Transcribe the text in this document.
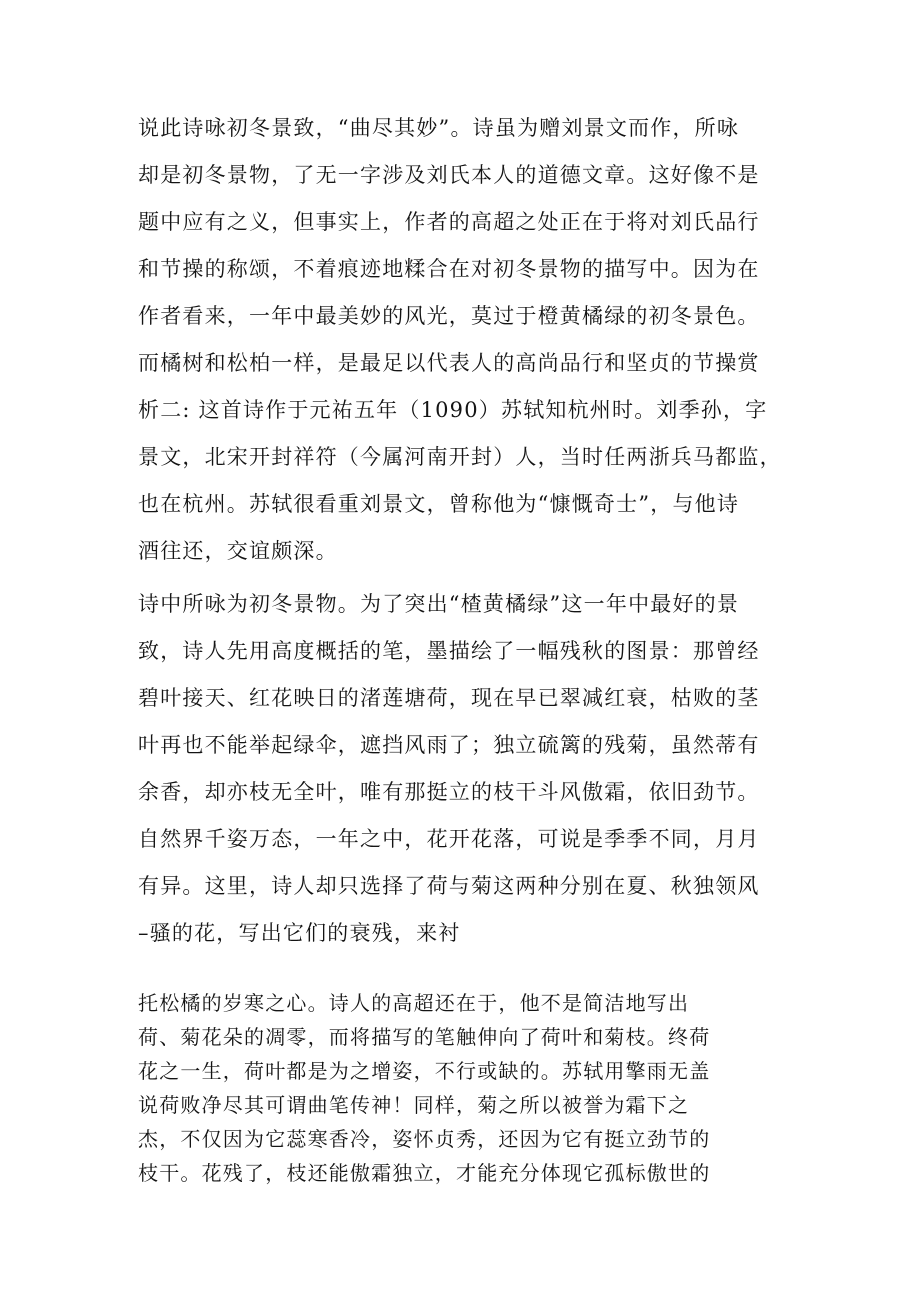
说此诗咏初冬景致，“曲尽其妙”。诗虽为赠刘景文而作，所咏
却是初冬景物，了无一字涉及刘氏本人的道德文章。这好像不是
题中应有之义，但事实上，作者的高超之处正在于将对刘氏品行
和节操的称颂，不着痕迹地糅合在对初冬景物的描写中。因为在
作者看来，一年中最美妙的风光，莫过于橙黄橘绿的初冬景色。
而橘树和松柏一样，是最足以代表人的高尚品行和坚贞的节操赏
析二: 这首诗作于元祐五年（1090）苏轼知杭州时。刘季孙，字
景文，北宋开封祥符（今属河南开封）人，当时任两浙兵马都监，
也在杭州。苏轼很看重刘景文，曾称他为“慷慨奇士”，与他诗
酒往还，交谊颇深。
诗中所咏为初冬景物。为了突出“楂黄橘绿”这一年中最好的景
致，诗人先用高度概括的笔，墨描绘了一幅残秋的图景：那曾经
碧叶接天、红花映日的渚莲塘荷，现在早已翠减红衰，枯败的茎
叶再也不能举起绿伞，遮挡风雨了；独立硫篱的残菊，虽然蒂有
余香，却亦枝无全叶，唯有那挺立的枝干斗风傲霜，依旧劲节。
自然界千姿万态，一年之中，花开花落，可说是季季不同，月月
有异。这里，诗人却只选择了荷与菊这两种分别在夏、秋独领风
–骚的花，写出它们的衰残，来衬
托松橘的岁寒之心。诗人的高超还在于，他不是简洁地写出
荷、菊花朵的凋零，而将描写的笔触伸向了荷叶和菊枝。终荷
花之一生，荷叶都是为之增姿，不行或缺的。苏轼用擎雨无盖
说荷败净尽其可谓曲笔传神！同样，菊之所以被誉为霜下之
杰，不仅因为它蕊寒香冷，姿怀贞秀，还因为它有挺立劲节的
枝干。花残了，枝还能傲霜独立，才能充分体现它孤标傲世的
